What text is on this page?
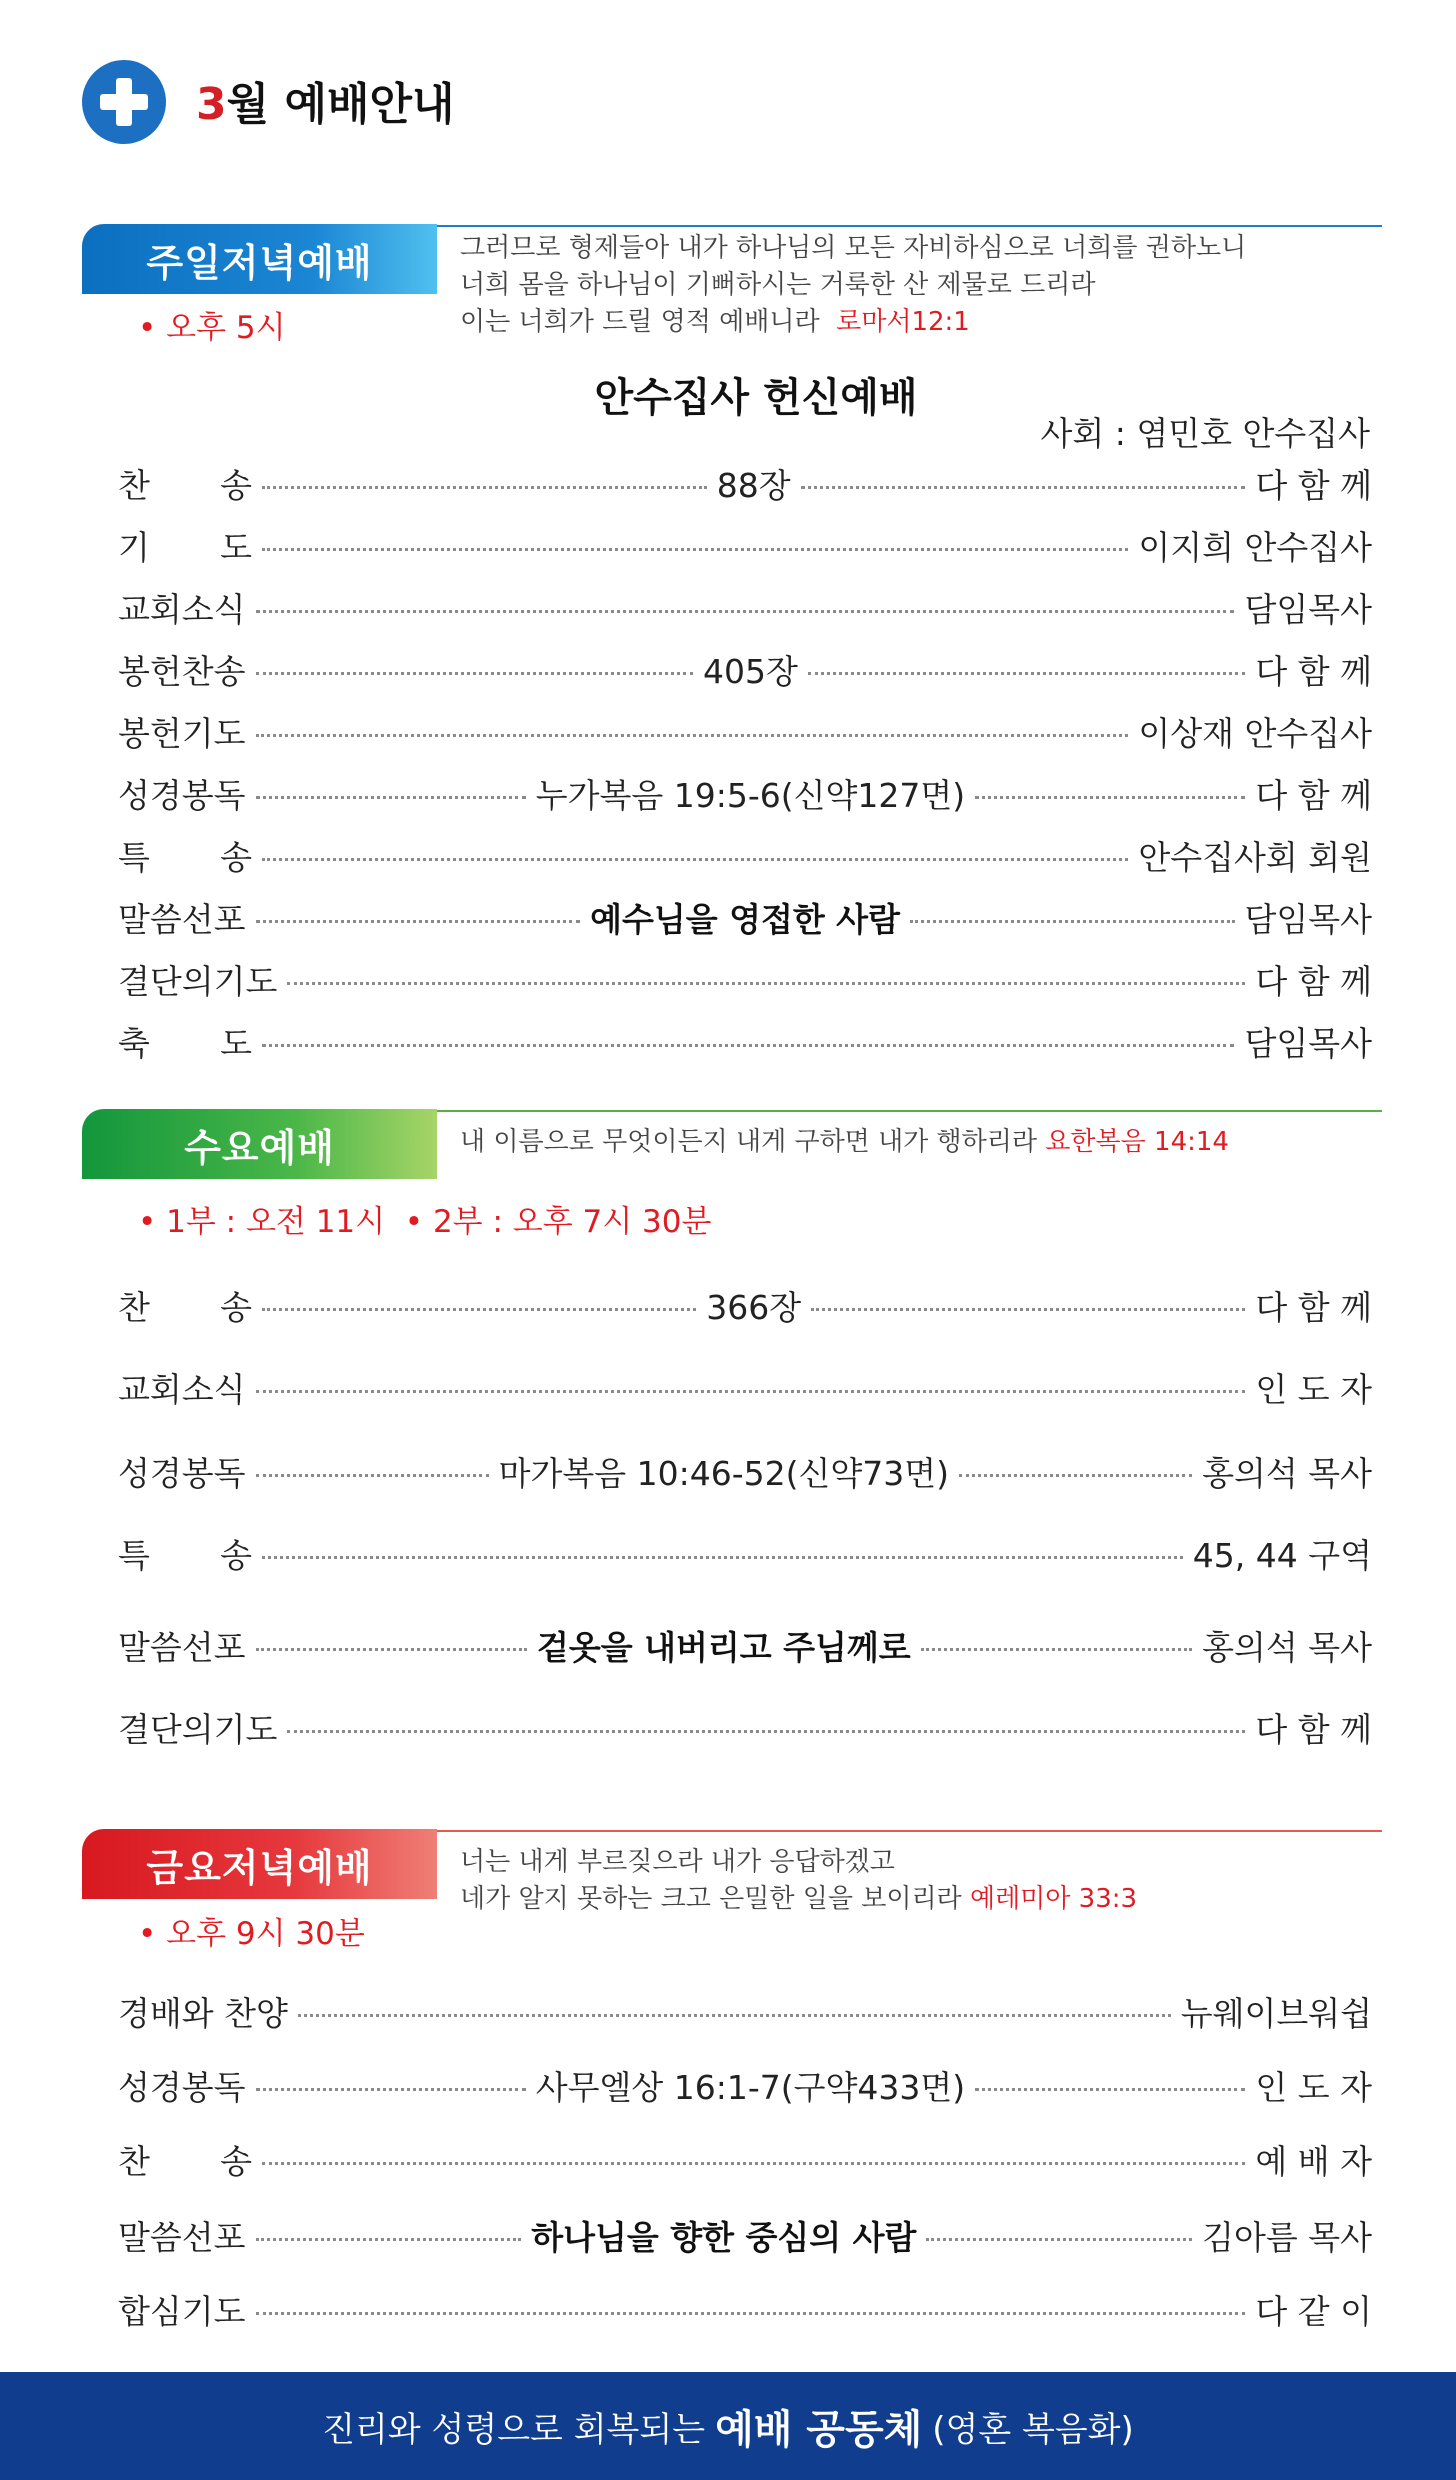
3월 예배안내
주일저녁예배	그러므로 형제들아 내가 하나님의 모든 자비하심으로 너희를 권하노니
너희 몸을 하나님이 기뻐하시는 거룩한 산 제물로 드리라
이는 너희가 드릴 영적 예배니라 로마서12:1
• 오후 5시
안수집사 헌신예배
사회 : 염민호 안수집사
찬 송	88장	다 함 께
기 도	이지희 안수집사
교회소식	담임목사
봉헌찬송	405장	다 함 께
봉헌기도	이상재 안수집사
성경봉독	누가복음 19:5-6(신약127면)	다 함 께
특 송	안수집사회 회원
말씀선포	예수님을 영접한 사람	담임목사
결단의기도	다 함 께
축 도	담임목사
수요예배	내 이름으로 무엇이든지 내게 구하면 내가 행하리라 요한복음 14:14
• 1부 : 오전 11시  • 2부 : 오후 7시 30분
찬 송	366장	다 함 께
교회소식	인 도 자
성경봉독	마가복음 10:46-52(신약73면)	홍의석 목사
특 송	45, 44 구역
말씀선포	겉옷을 내버리고 주님께로	홍의석 목사
결단의기도	다 함 께
금요저녁예배	너는 내게 부르짖으라 내가 응답하겠고
네가 알지 못하는 크고 은밀한 일을 보이리라 예레미아 33:3
• 오후 9시 30분
경배와 찬양	뉴웨이브워쉽
성경봉독	사무엘상 16:1-7(구약433면)	인 도 자
찬 송	예 배 자
말씀선포	하나님을 향한 중심의 사람	김아름 목사
합심기도	다 같 이
진리와 성령으로 회복되는 예배 공동체 (영혼 복음화)
